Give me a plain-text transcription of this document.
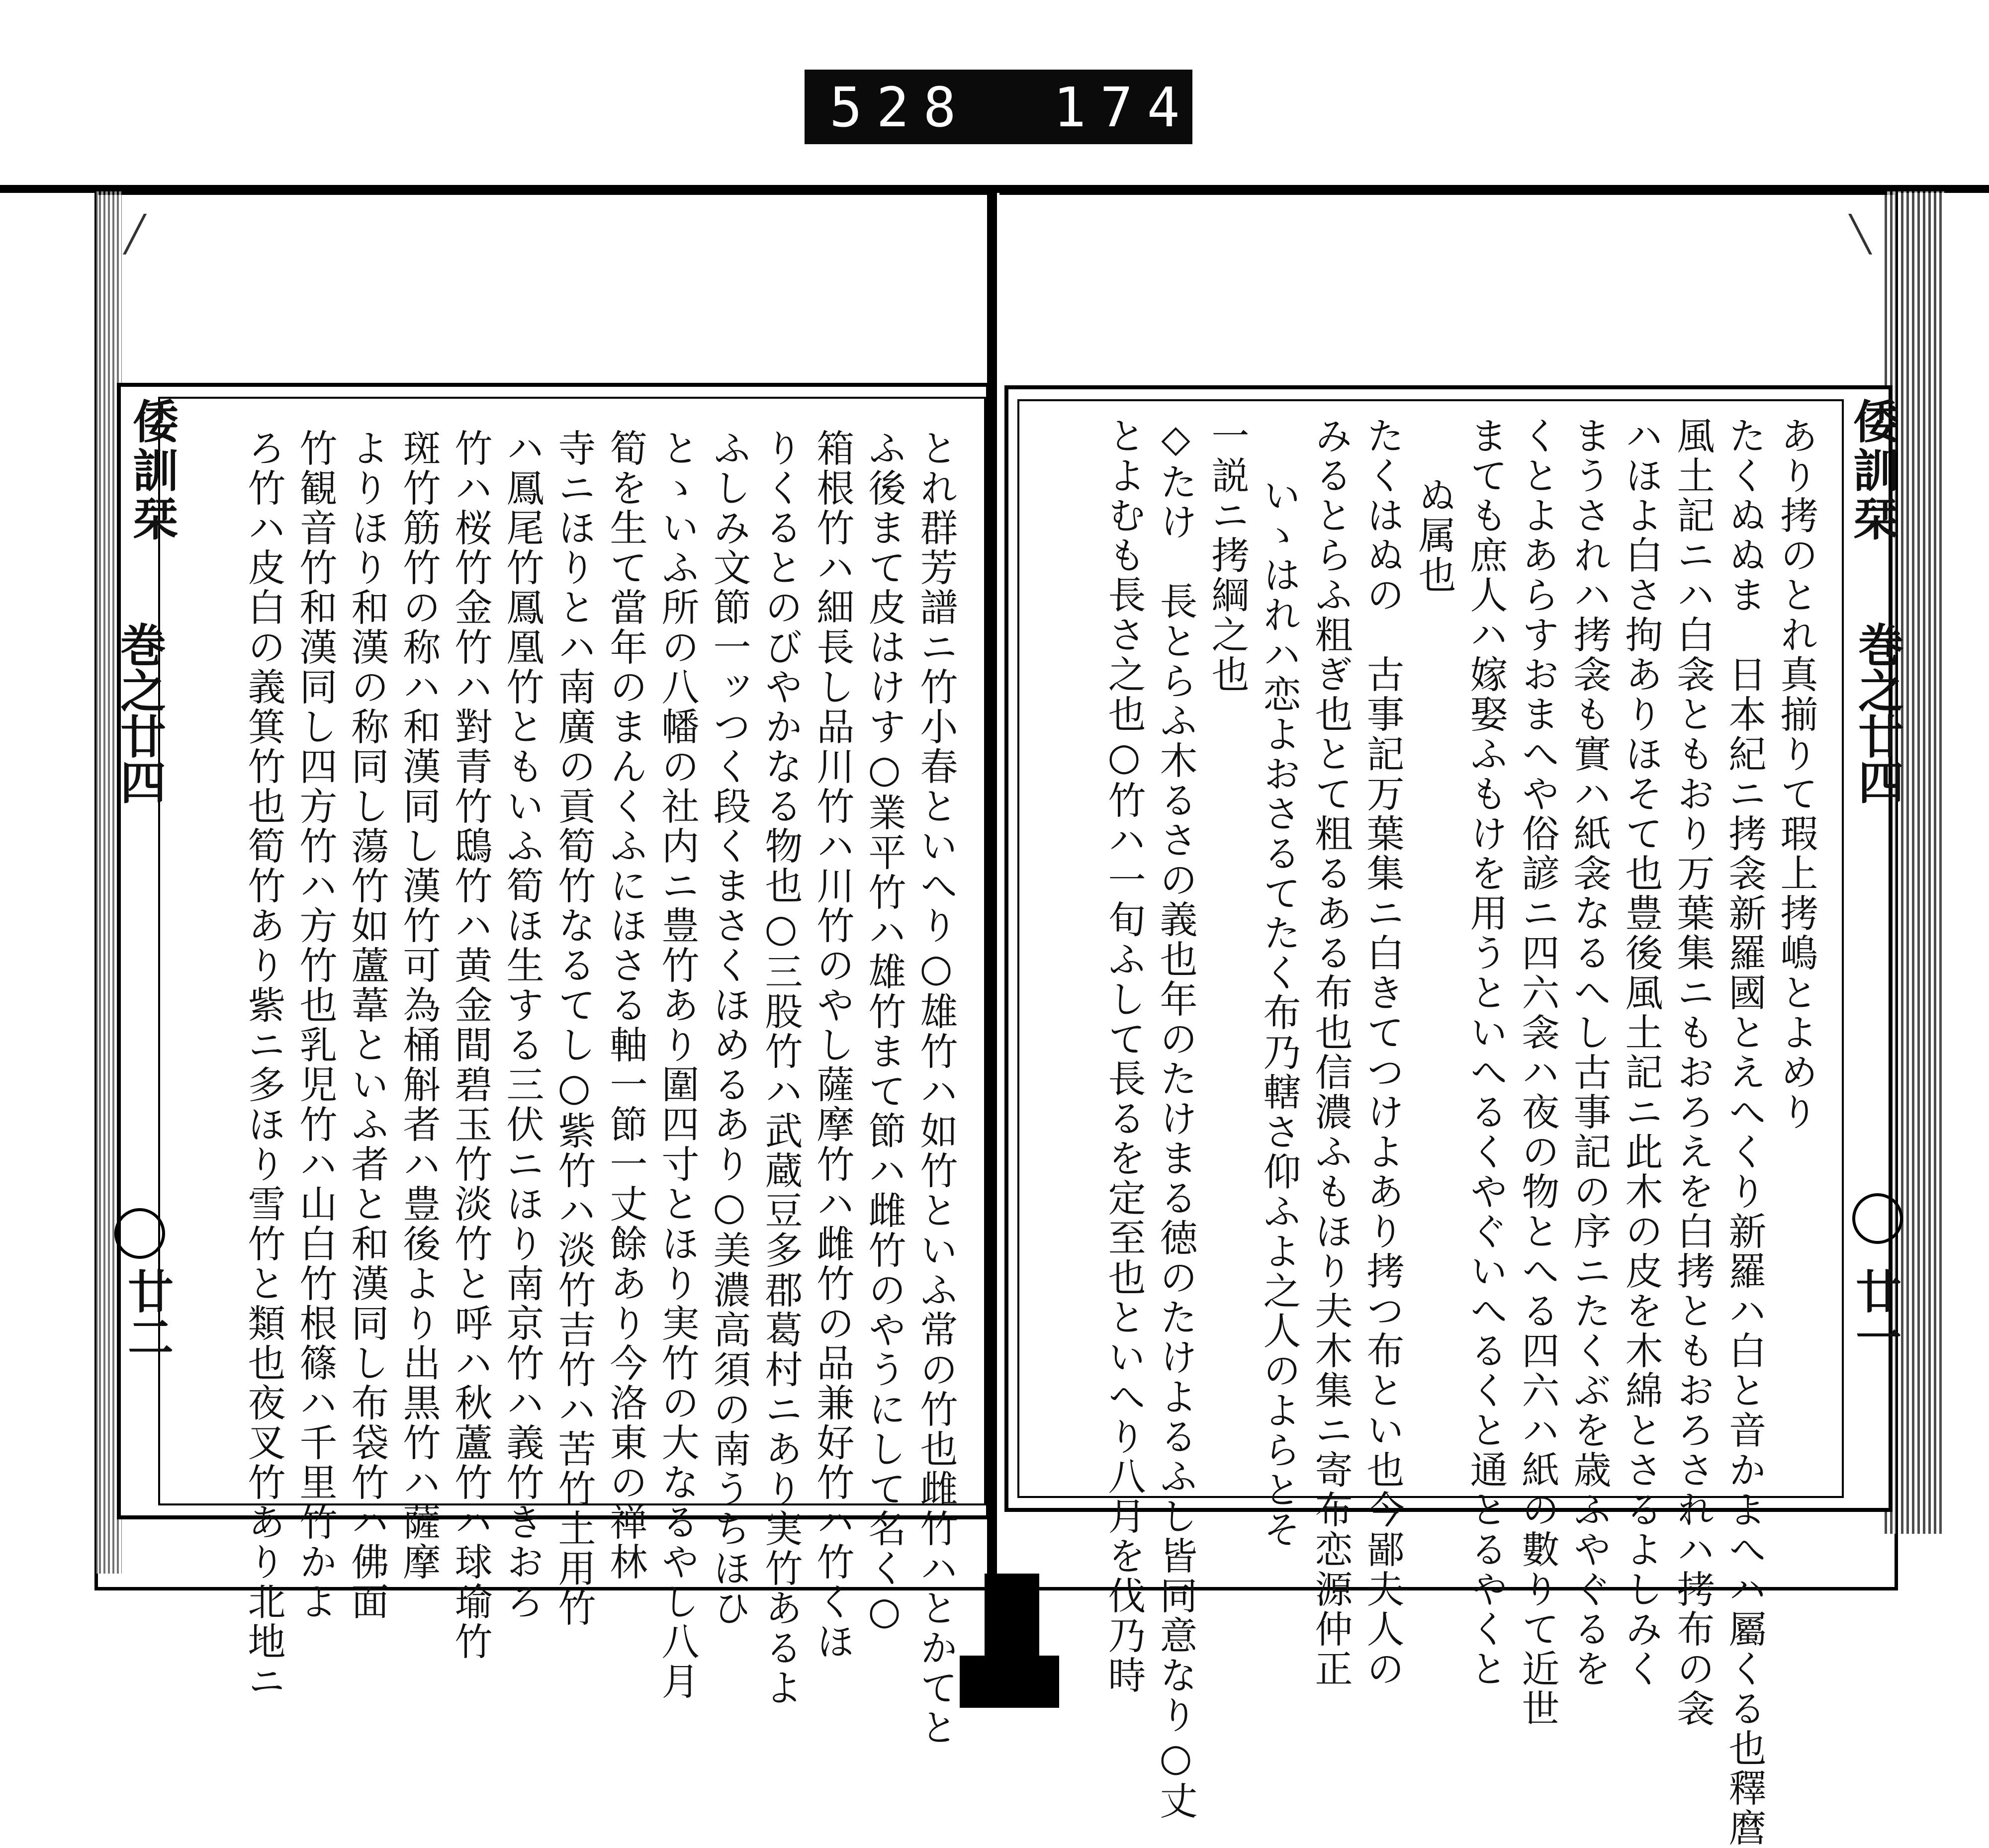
528 174.
╱	╲
とれ群芳譜ニ竹小春といへり○雄竹ハ如竹といふ常の竹也雌竹ハとかてと
ふ後まて皮はけす○業平竹ハ雄竹まて節ハ雌竹のやうにして名く○
箱根竹ハ細長し品川竹ハ川竹のやし薩摩竹ハ雌竹の品兼好竹ハ竹くほ
りくるとのびやかなる物也○三股竹ハ武蔵豆多郡葛村ニあり実竹あるよ
ふしみ文節一ッつく段くまさくほめるあり○美濃高須の南うちほひ
とゝいふ所の八幡の社内ニ豊竹あり圍四寸とほり実竹の大なるやし八月
筍を生て當年のまんくふにほさる軸一節一丈餘あり今洛東の禅林
寺ニほりとハ南廣の貢筍竹なるてし○紫竹ハ淡竹吉竹ハ苦竹土用竹
ハ鳳尾竹鳳凰竹ともいふ筍ほ生する三伏ニほり南京竹ハ義竹きおろ
竹ハ桜竹金竹ハ對青竹鴟竹ハ黄金間碧玉竹淡竹と呼ハ秋蘆竹ハ球瑜竹
斑竹筋竹の称ハ和漢同し漢竹可為桶斛者ハ豊後より出黒竹ハ薩摩
よりほり和漢の称同し蕩竹如蘆葦といふ者と和漢同し布袋竹ハ佛面
竹観音竹和漢同し四方竹ハ方竹也乳児竹ハ山白竹根篠ハ千里竹かよ
ろ竹ハ皮白の義箕竹也筍竹あり紫ニ多ほり雪竹と類也夜叉竹あり北地ニ
倭訓栞
巻之廿四
廿二
あり拷のとれ真揃りて瑕上拷嶋とよめり
たくぬぬま　日本紀ニ拷衾新羅國とえへくり新羅ハ白と音かよへハ屬くる也釋麿
風土記ニハ白衾ともおり万葉集ニもおろえを白拷ともおろされハ拷布の衾
ハほよ白さ拘ありほそて也豊後風土記ニ此木の皮を木綿とさるよしみく
まうされハ拷衾も實ハ紙衾なるへし古事記の序ニたくぶを歳ふやぐるを
くとよあらすおまへや俗諺ニ四六衾ハ夜の物とへる四六ハ紙の數りて近世
まても庶人ハ嫁娶ふもけを用うといへるくやぐいへるくと通とるやくと
ぬ属也
たくはぬの　古事記万葉集ニ白きてつけよあり拷つ布とい也今鄙夫人の
みるとらふ粗ぎ也とて粗るある布也信濃ふもほり夫木集ニ寄布恋源仲正
いゝはれハ恋よおさるてたく布乃轄さ仰ふよ之人のよらとそ
一説ニ拷綱之也
◇たけ　長とらふ木るさの義也年のたけまる徳のたけよるふし皆同意なり○丈
とよむも長さ之也○竹ハ一旬ふして長るを定至也といへり八月を伐乃時	倭訓栞
巻之廿四
廿一
